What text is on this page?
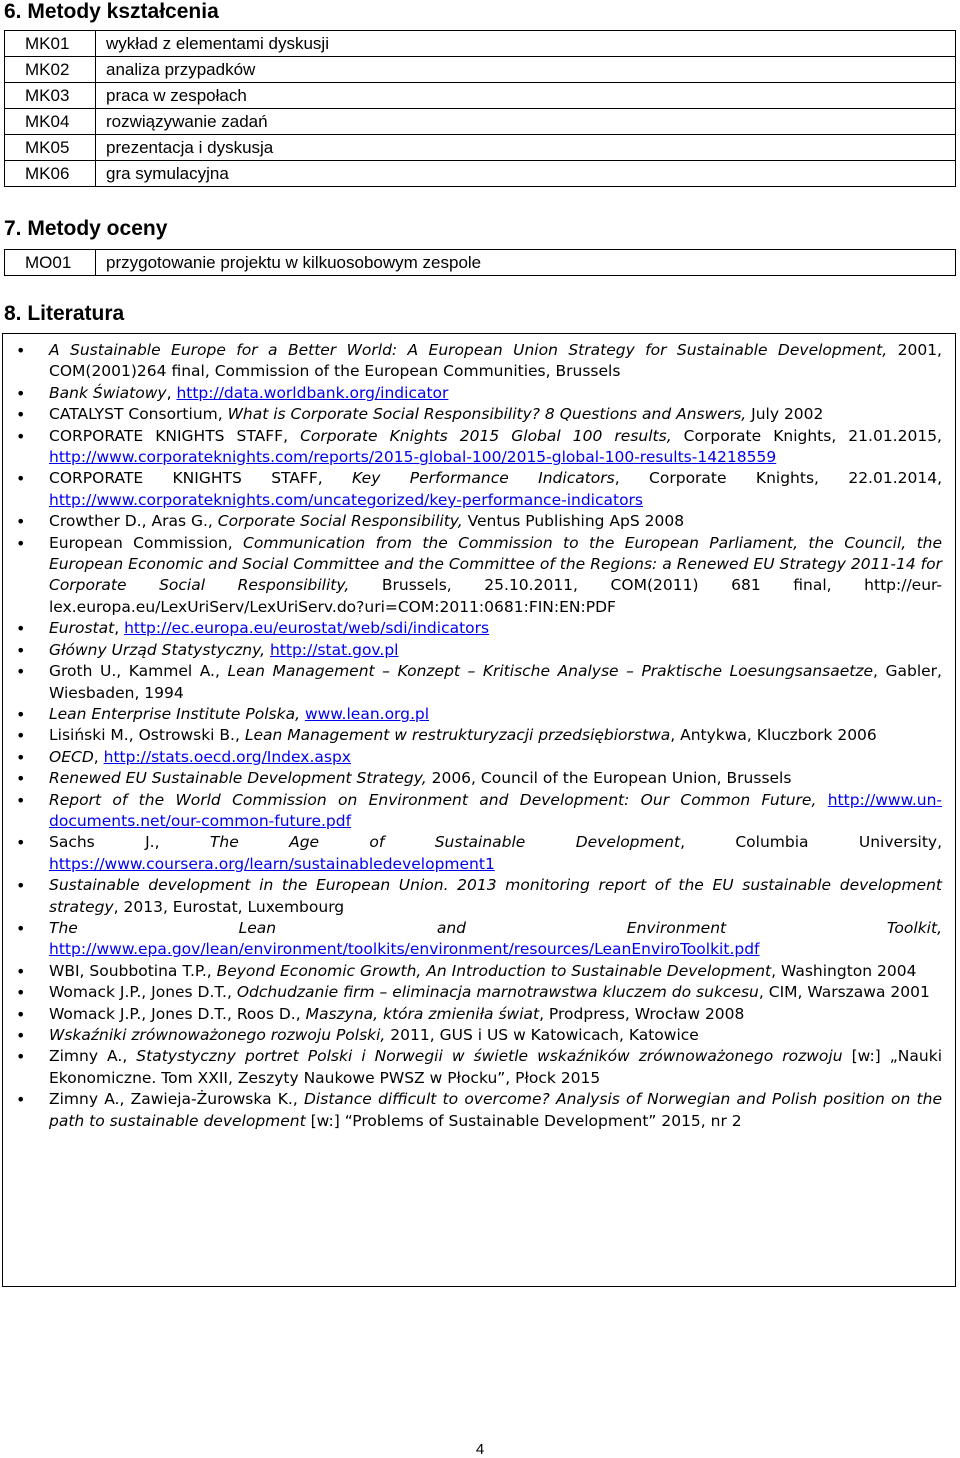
6. Metody kształcenia
MK01	wykład z elementami dyskusji
MK02	analiza przypadków
MK03	praca w zespołach
MK04	rozwiązywanie zadań
MK05	prezentacja i dyskusja
MK06	gra symulacyjna
7. Metody oceny
MO01	przygotowanie projektu w kilkuosobowym zespole
8. Literatura
• A Sustainable Europe for a Better World: A European Union Strategy for Sustainable Development, 2001, COM(2001)264 final, Commission of the European Communities, Brussels
• Bank Światowy, http://data.worldbank.org/indicator
• CATALYST Consortium, What is Corporate Social Responsibility? 8 Questions and Answers, July 2002
• CORPORATE KNIGHTS STAFF, Corporate Knights 2015 Global 100 results, Corporate Knights, 21.01.2015, http://www.corporateknights.com/reports/2015-global-100/2015-global-100-results-14218559
• CORPORATE KNIGHTS STAFF, Key Performance Indicators, Corporate Knights, 22.01.2014, http://www.corporateknights.com/uncategorized/key-performance-indicators
• Crowther D., Aras G., Corporate Social Responsibility, Ventus Publishing ApS 2008
• European Commission, Communication from the Commission to the European Parliament, the Council, the European Economic and Social Committee and the Committee of the Regions: a Renewed EU Strategy 2011-14 for Corporate Social Responsibility, Brussels, 25.10.2011, COM(2011) 681 final, http://eur-lex.europa.eu/LexUriServ/LexUriServ.do?uri=COM:2011:0681:FIN:EN:PDF
• Eurostat, http://ec.europa.eu/eurostat/web/sdi/indicators
• Główny Urząd Statystyczny, http://stat.gov.pl
• Groth U., Kammel A., Lean Management – Konzept – Kritische Analyse – Praktische Loesungsansaetze, Gabler, Wiesbaden, 1994
• Lean Enterprise Institute Polska, www.lean.org.pl
• Lisiński M., Ostrowski B., Lean Management w restrukturyzacji przedsiębiorstwa, Antykwa, Kluczbork 2006
• OECD, http://stats.oecd.org/Index.aspx
• Renewed EU Sustainable Development Strategy, 2006, Council of the European Union, Brussels
• Report of the World Commission on Environment and Development: Our Common Future, http://www.un-documents.net/our-common-future.pdf
• Sachs J., The Age of Sustainable Development, Columbia University, https://www.coursera.org/learn/sustainabledevelopment1
• Sustainable development in the European Union. 2013 monitoring report of the EU sustainable development strategy, 2013, Eurostat, Luxembourg
• The Lean and Environment Toolkit, http://www.epa.gov/lean/environment/toolkits/environment/resources/LeanEnviroToolkit.pdf
• WBI, Soubbotina T.P., Beyond Economic Growth, An Introduction to Sustainable Development, Washington 2004
• Womack J.P., Jones D.T., Odchudzanie firm – eliminacja marnotrawstwa kluczem do sukcesu, CIM, Warszawa 2001
• Womack J.P., Jones D.T., Roos D., Maszyna, która zmieniła świat, Prodpress, Wrocław 2008
• Wskaźniki zrównoważonego rozwoju Polski, 2011, GUS i US w Katowicach, Katowice
• Zimny A., Statystyczny portret Polski i Norwegii w świetle wskaźników zrównoważonego rozwoju [w:] „Nauki Ekonomiczne. Tom XXII, Zeszyty Naukowe PWSZ w Płocku”, Płock 2015
• Zimny A., Zawieja-Żurowska K., Distance difficult to overcome? Analysis of Norwegian and Polish position on the path to sustainable development [w:] “Problems of Sustainable Development” 2015, nr 2
4
